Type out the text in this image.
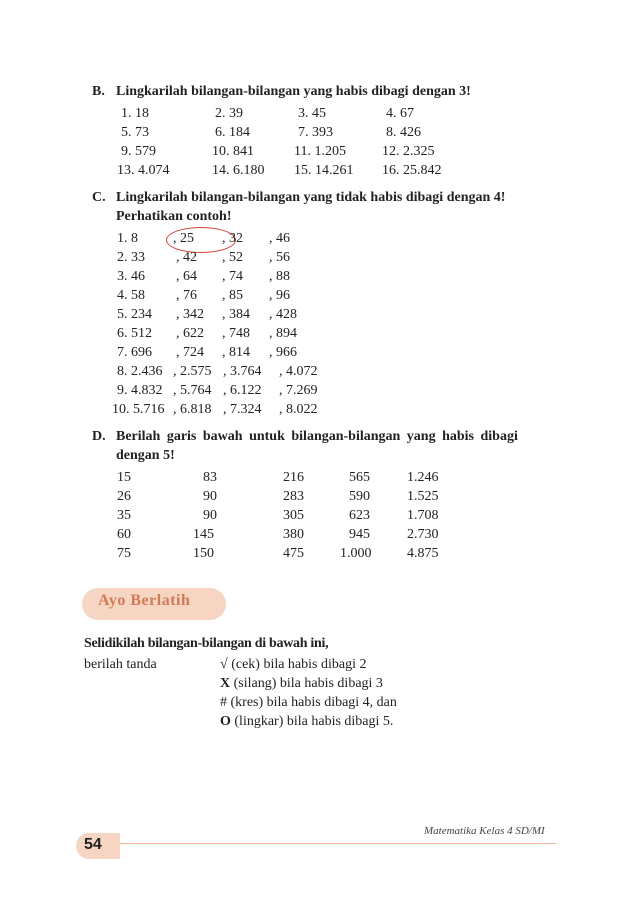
B. Lingkarilah bilangan-bilangan yang habis dibagi dengan 3!
1. 18	2. 39	3. 45	4. 67
5. 73	6. 184	7. 393	8. 426
9. 579	10. 841	11. 1.205	12. 2.325
13. 4.074	14. 6.180 15. 14.261 16. 25.842
C. Lingkarilah bilangan-bilangan yang tidak habis dibagi dengan 4!
Perhatikan contoh!
1. 8	, 25 , 32 , 46
2. 33 , 42 , 52 , 56
3. 46 , 64 , 74 , 88
4. 58 , 76 , 85 , 96
5. 234 , 342 , 384 , 428
6. 512 , 622 , 748 , 894
7. 696 , 724 , 814 , 966
8. 2.436 , 2.575 , 3.764 , 4.072
9. 4.832 , 5.764 , 6.122 , 7.269
10. 5.716 , 6.818 , 7.324 , 8.022
D. Berilah garis bawah untuk bilangan-bilangan yang habis dibagi
dengan 5!
15	83	216	565	1.246
26	90	283	590	1.525
35	90	305	623	1.708
60	145	380	945	2.730
75	150	475	1.000	4.875
Ayo Berlatih
Selidikilah bilangan-bilangan di bawah ini,
berilah tanda	√ (cek) bila habis dibagi 2
X (silang) bila habis dibagi 3
# (kres) bila habis dibagi 4, dan
O (lingkar) bila habis dibagi 5.
54
Matematika Kelas 4 SD/MI
